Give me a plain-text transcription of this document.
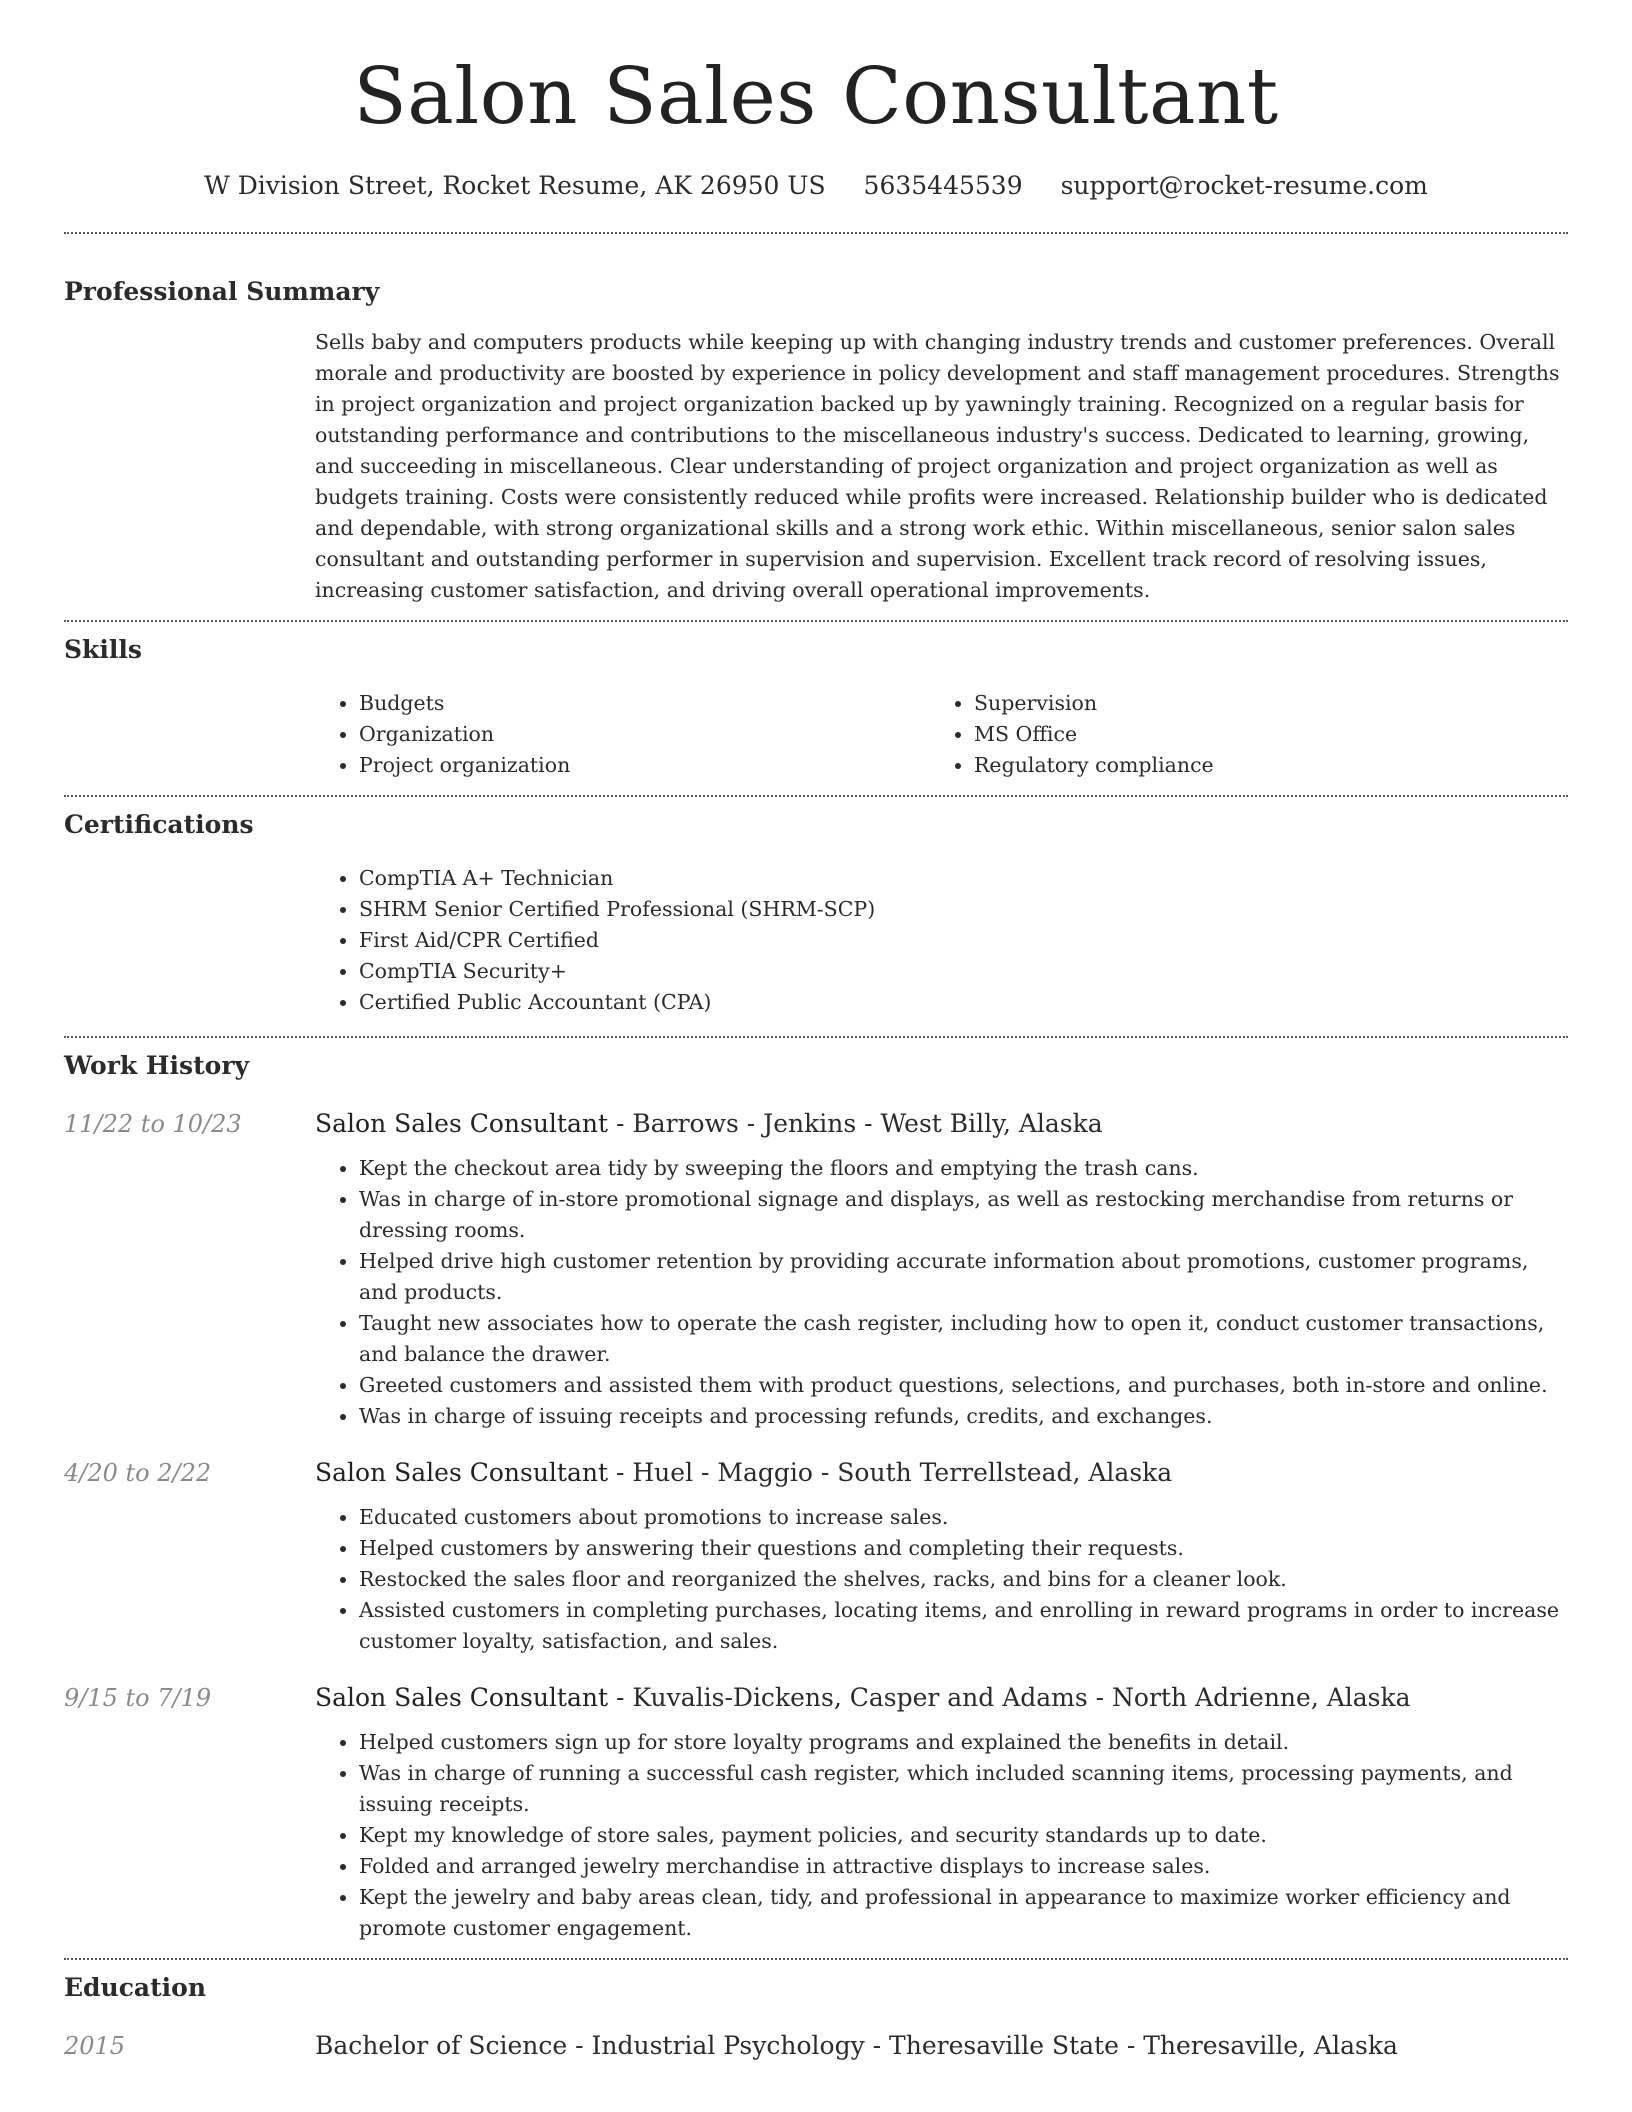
Salon Sales Consultant
W Division Street, Rocket Resume, AK 26950 US 5635445539 support@rocket-resume.com
Professional Summary

Sells baby and computers products while keeping up with changing industry trends and customer preferences. Overall morale and productivity are boosted by experience in policy development and staff management procedures. Strengths in project organization and project organization backed up by yawningly training. Recognized on a regular basis for outstanding performance and contributions to the miscellaneous industry's success. Dedicated to learning, growing, and succeeding in miscellaneous. Clear understanding of project organization and project organization as well as budgets training. Costs were consistently reduced while profits were increased. Relationship builder who is dedicated and dependable, with strong organizational skills and a strong work ethic. Within miscellaneous, senior salon sales consultant and outstanding performer in supervision and supervision. Excellent track record of resolving issues, increasing customer satisfaction, and driving overall operational improvements.

Skills
• Budgets
• Organization
• Project organization
• Supervision
• MS Office
• Regulatory compliance
Certifications
• CompTIA A+ Technician
• SHRM Senior Certified Professional (SHRM-SCP)
• First Aid/CPR Certified
• CompTIA Security+
• Certified Public Accountant (CPA)
Work History
11/22 to 10/23	Salon Sales Consultant - Barrows - Jenkins - West Billy, Alaska
• Kept the checkout area tidy by sweeping the floors and emptying the trash cans.
• Was in charge of in-store promotional signage and displays, as well as restocking merchandise from returns or dressing rooms.
• Helped drive high customer retention by providing accurate information about promotions, customer programs, and products.
• Taught new associates how to operate the cash register, including how to open it, conduct customer transactions, and balance the drawer.
• Greeted customers and assisted them with product questions, selections, and purchases, both in-store and online.
• Was in charge of issuing receipts and processing refunds, credits, and exchanges.
4/20 to 2/22	Salon Sales Consultant - Huel - Maggio - South Terrellstead, Alaska
• Educated customers about promotions to increase sales.
• Helped customers by answering their questions and completing their requests.
• Restocked the sales floor and reorganized the shelves, racks, and bins for a cleaner look.
• Assisted customers in completing purchases, locating items, and enrolling in reward programs in order to increase customer loyalty, satisfaction, and sales.
9/15 to 7/19	Salon Sales Consultant - Kuvalis-Dickens, Casper and Adams - North Adrienne, Alaska
• Helped customers sign up for store loyalty programs and explained the benefits in detail.
• Was in charge of running a successful cash register, which included scanning items, processing payments, and issuing receipts.
• Kept my knowledge of store sales, payment policies, and security standards up to date.
• Folded and arranged jewelry merchandise in attractive displays to increase sales.
• Kept the jewelry and baby areas clean, tidy, and professional in appearance to maximize worker efficiency and promote customer engagement.
Education
2015	Bachelor of Science - Industrial Psychology - Theresaville State - Theresaville, Alaska
